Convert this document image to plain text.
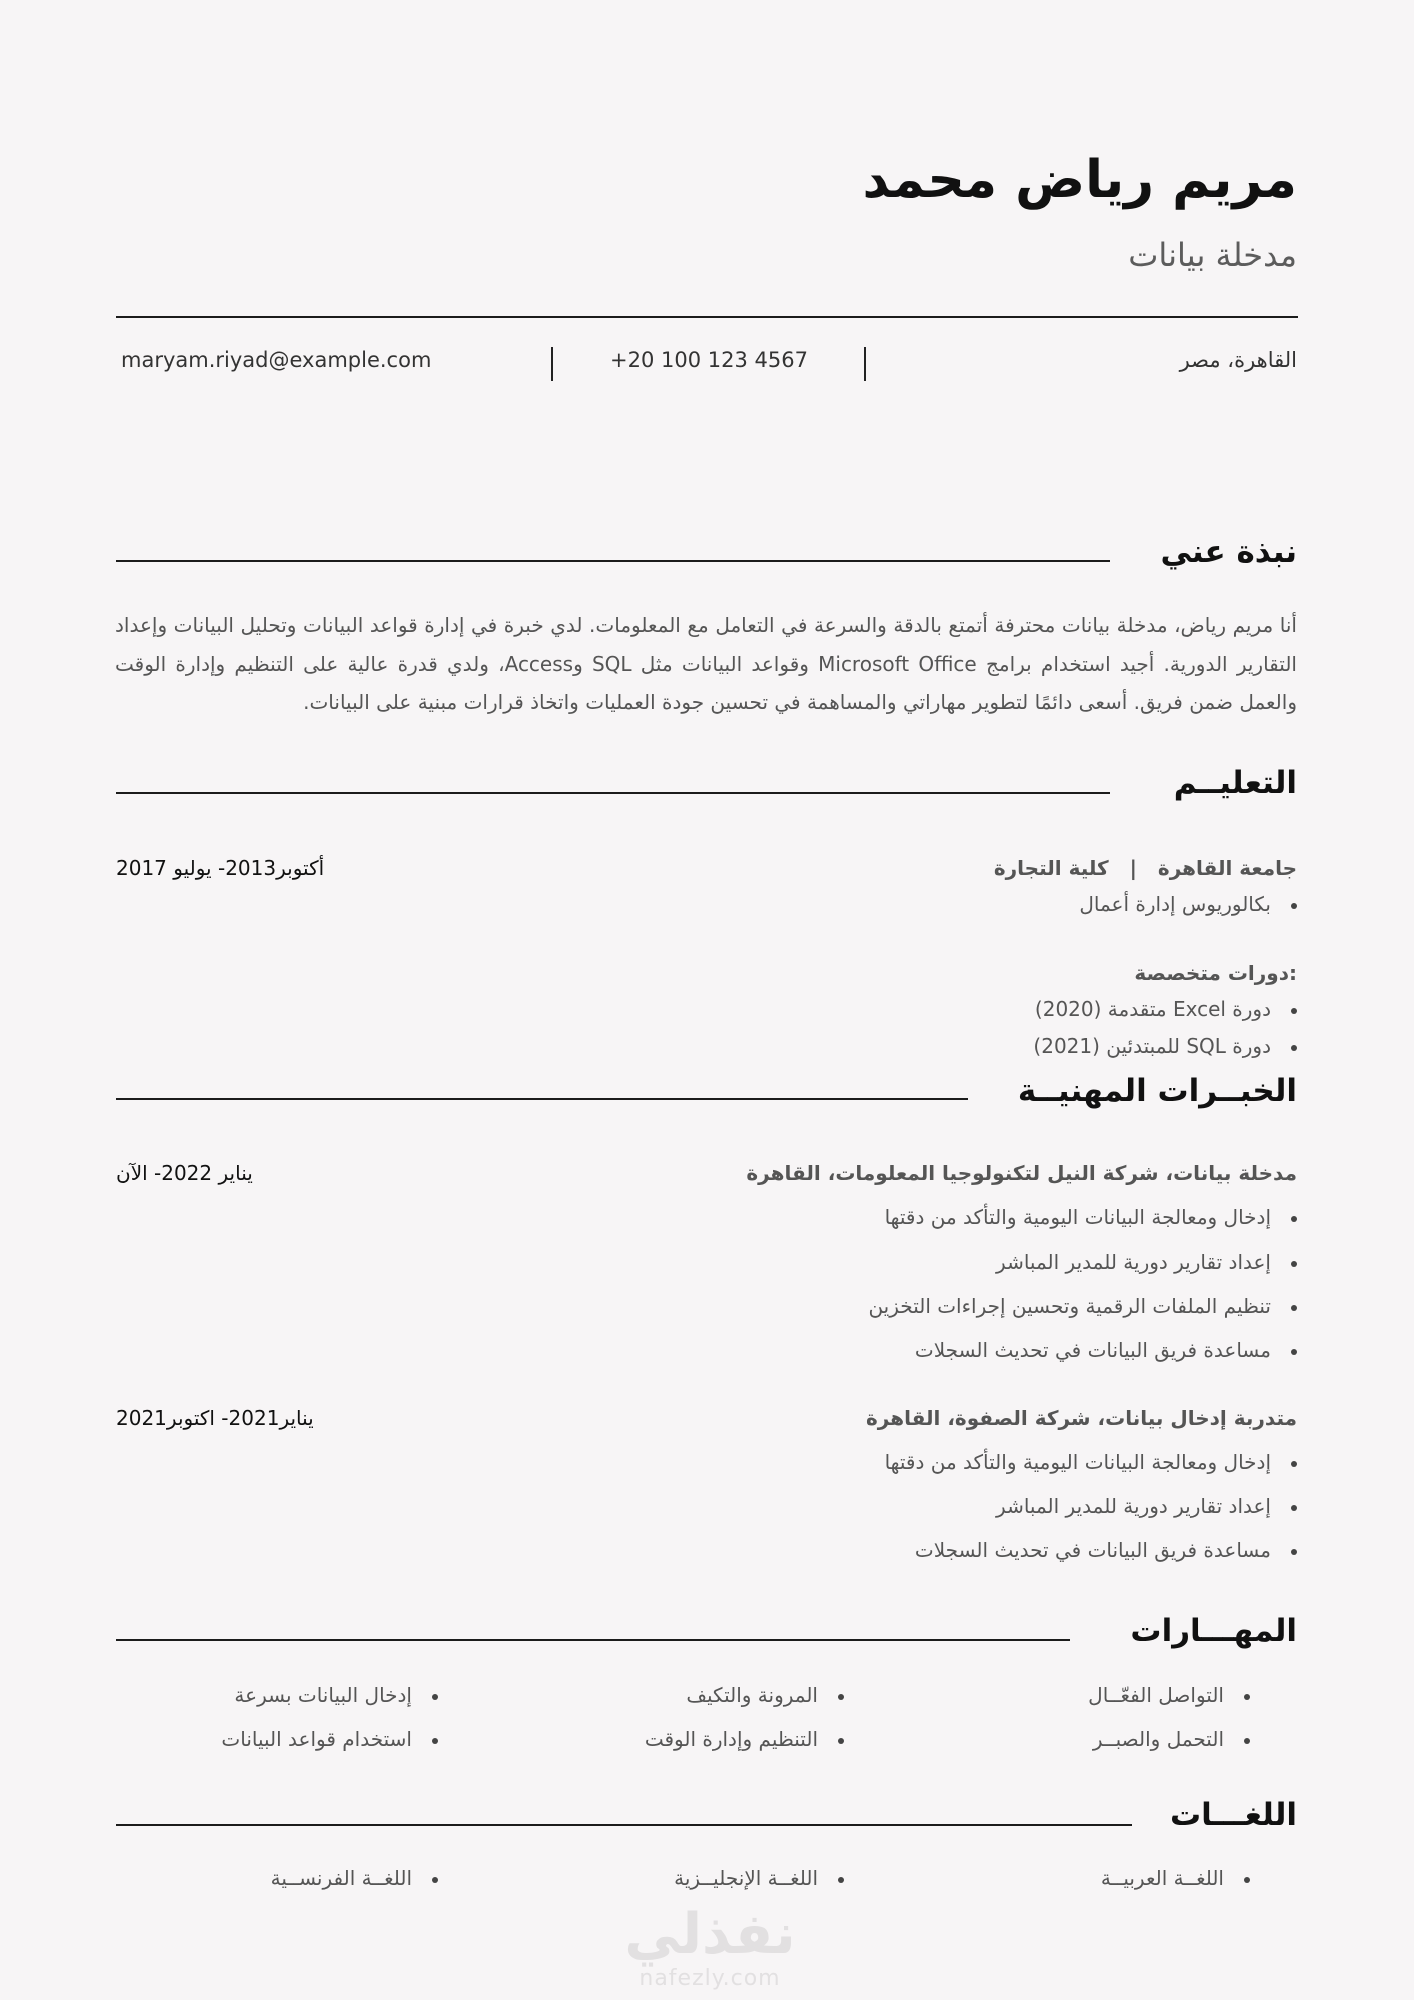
مريم رياض محمد
مدخلة بيانات
القاهرة، مصر
+20 100 123 4567
maryam.riyad@example.com
نبذة عني
أنا مريم رياض، مدخلة بيانات محترفة أتمتع بالدقة والسرعة في التعامل مع المعلومات. لدي خبرة في إدارة قواعد البيانات وتحليل البيانات وإعداد التقارير الدورية. أجيد استخدام برامج Microsoft Office وقواعد البيانات مثل SQL وAccess، ولدي قدرة عالية على التنظيم وإدارة الوقت والعمل ضمن فريق. أسعى دائمًا لتطوير مهاراتي والمساهمة في تحسين جودة العمليات واتخاذ قرارات مبنية على البيانات.
التعليــم
جامعة القاهرة | كلية التجارة
أكتوبر2013- يوليو 2017
بكالوريوس إدارة أعمال
:دورات متخصصة
دورة Excel متقدمة (2020)
دورة SQL للمبتدئين (2021)
الخبــرات المهنيــة
مدخلة بيانات، شركة النيل لتكنولوجيا المعلومات، القاهرة
يناير 2022- الآن
إدخال ومعالجة البيانات اليومية والتأكد من دقتها
إعداد تقارير دورية للمدير المباشر
تنظيم الملفات الرقمية وتحسين إجراءات التخزين
مساعدة فريق البيانات في تحديث السجلات
متدربة إدخال بيانات، شركة الصفوة، القاهرة
يناير2021- اكتوبر2021
إدخال ومعالجة البيانات اليومية والتأكد من دقتها
إعداد تقارير دورية للمدير المباشر
مساعدة فريق البيانات في تحديث السجلات
المهـــارات
التواصل الفعّــال
المرونة والتكيف
إدخال البيانات بسرعة
التحمل والصبــر
التنظيم وإدارة الوقت
استخدام قواعد البيانات
اللغـــات
اللغــة العربيــة
اللغــة الإنجليــزية
اللغــة الفرنســية
نفذلي
nafezly.com
